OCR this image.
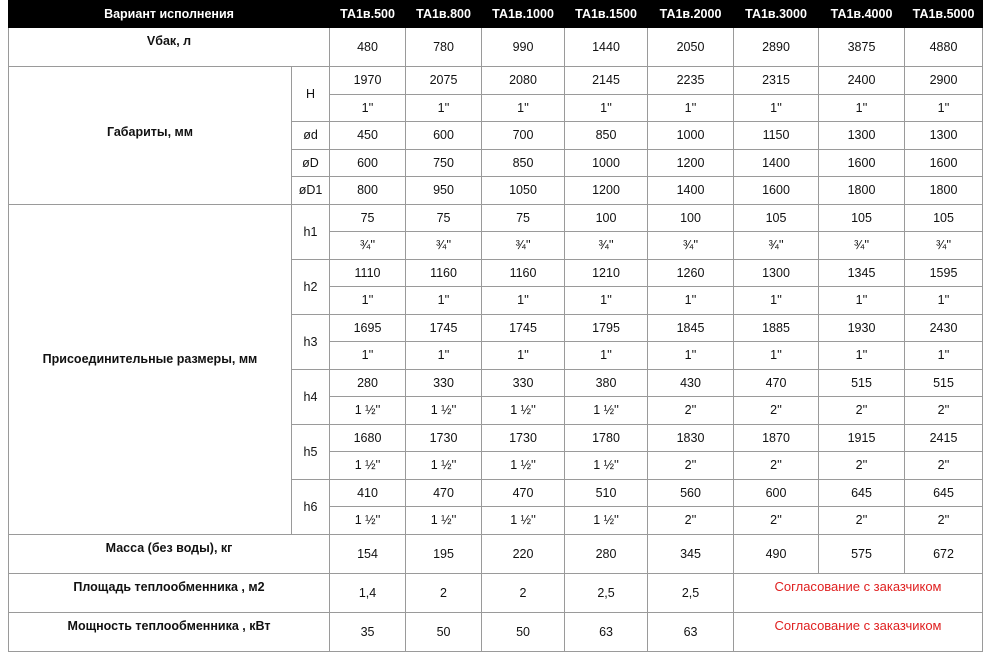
Вариант исполнения		ТА1в.500	ТА1в.800	ТА1в.1000	ТА1в.1500	ТА1в.2000	ТА1в.3000	ТА1в.4000	ТА1в.5000
Vбак, л		480	780	990	1440	2050	2890	3875	4880
Габариты, мм	H	1970	2075	2080	2145	2235	2315	2400	2900
		1''	1''	1''	1''	1''	1''	1''	1''
	ød	450	600	700	850	1000	1150	1300	1300
	øD	600	750	850	1000	1200	1400	1600	1600
	øD1	800	950	1050	1200	1400	1600	1800	1800
Присоединительные размеры, мм	h1	75	75	75	100	100	105	105	105
		¾''	¾''	¾''	¾''	¾''	¾''	¾''	¾''
	h2	1110	1160	1160	1210	1260	1300	1345	1595
		1''	1''	1''	1''	1''	1''	1''	1''
	h3	1695	1745	1745	1795	1845	1885	1930	2430
		1''	1''	1''	1''	1''	1''	1''	1''
	h4	280	330	330	380	430	470	515	515
		1 ½''	1 ½''	1 ½''	1 ½''	2''	2''	2''	2''
	h5	1680	1730	1730	1780	1830	1870	1915	2415
		1 ½''	1 ½''	1 ½''	1 ½''	2''	2''	2''	2''
	h6	410	470	470	510	560	600	645	645
		1 ½''	1 ½''	1 ½''	1 ½''	2''	2''	2''	2''
Масса (без воды), кг		154	195	220	280	345	490	575	672
Площадь теплообменника , м2		1,4	2	2	2,5	2,5	Согласование с заказчиком		
Мощность теплообменника , кВт		35	50	50	63	63	Согласование с заказчиком		
